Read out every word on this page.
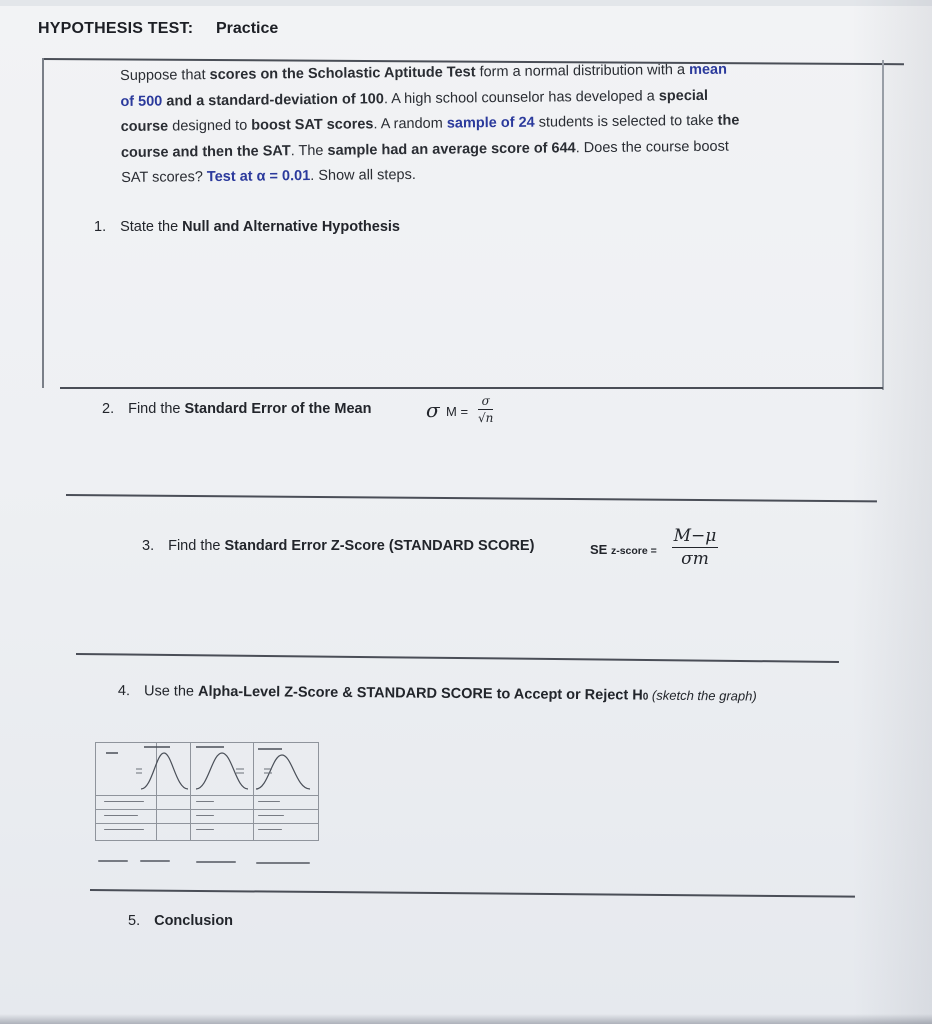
HYPOTHESIS TEST: Practice
Suppose that scores on the Scholastic Aptitude Test form a normal distribution with a mean
of 500 and a standard-deviation of 100. A high school counselor has developed a special
course designed to boost SAT scores. A random sample of 24 students is selected to take the
course and then the SAT. The sample had an average score of 644. Does the course boost
SAT scores? Test at α = 0.01. Show all steps.
1. State the Null and Alternative Hypothesis
2. Find the Standard Error of the Mean	σ M =
σ
√n
3. Find the Standard Error Z-Score (STANDARD SCORE)	SE z-score =
M−μ
σm
4. Use the Alpha-Level Z-Score & STANDARD SCORE to Accept or Reject H0 (sketch the graph)
5. Conclusion
